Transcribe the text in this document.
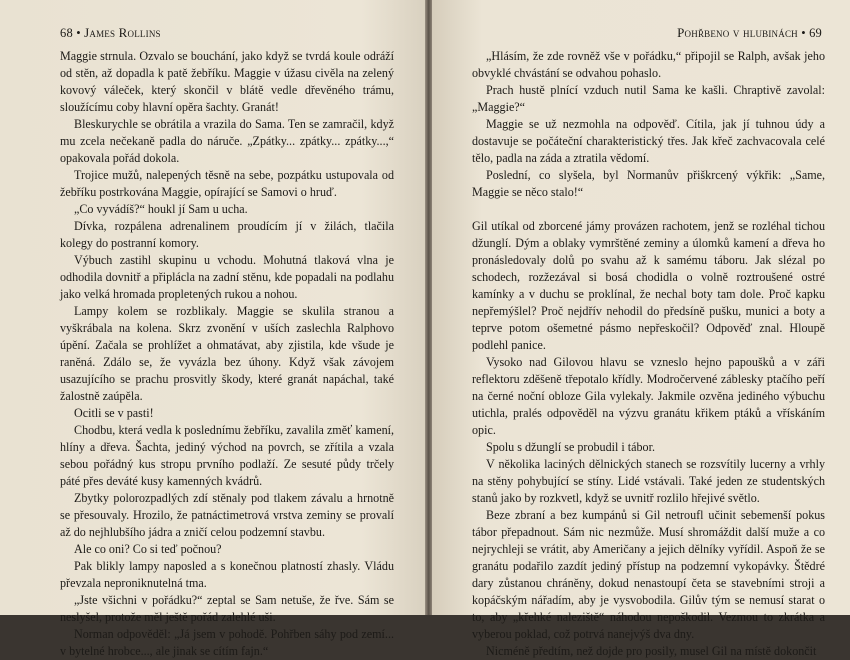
68 • James Rollins

Maggie strnula. Ozvalo se bouchání, jako když se tvrdá koule odráží od stěn, až dopadla k patě žebříku. Maggie v úžasu civěla na zelený kovový váleček, který skončil v blátě vedle dřevěného trámu, sloužícímu coby hlavní opěra šachty. Granát!

Bleskurychle se obrátila a vrazila do Sama. Ten se zamračil, když mu zcela nečekaně padla do náruče. „Zpátky... zpátky... zpátky...,“ opakovala pořád dokola.

Trojice mužů, nalepených těsně na sebe, pozpátku ustupovala od žebříku postrkována Maggie, opírající se Samovi o hruď.

„Co vyvádíš?“ houkl jí Sam u ucha.

Dívka, rozpálena adrenalinem proudícím jí v žilách, tlačila kolegy do postranní komory.

Výbuch zastihl skupinu u vchodu. Mohutná tlaková vlna je odhodila dovnitř a připlácla na zadní stěnu, kde popadali na podlahu jako velká hromada propletených rukou a nohou.

Lampy kolem se rozblikaly. Maggie se skulila stranou a vyškrábala na kolena. Skrz zvonění v uších zaslechla Ralphovo úpění. Začala se prohlížet a ohmatávat, aby zjistila, kde všude je raněná. Zdálo se, že vyvázla bez úhony. Když však závojem usazujícího se prachu prosvitly škody, které granát napáchal, také žalostně zaúpěla.

Ocitli se v pasti!

Chodbu, která vedla k poslednímu žebříku, zavalila změť kamení, hlíny a dřeva. Šachta, jediný východ na povrch, se zřítila a vzala sebou pořádný kus stropu prvního podlaží. Ze sesuté půdy trčely páté přes deváté kusy kamenných kvádrů.

Zbytky polorozpadlých zdí stěnaly pod tlakem závalu a hrnotně se přesouvaly. Hrozilo, že patnáctimetrová vrstva zeminy se provalí až do nejhlubšího jádra a zničí celou podzemní stavbu.

Ale co oni? Co si teď počnou?

Pak blikly lampy naposled a s konečnou platností zhasly. Vládu převzala neproniknutelná tma.

„Jste všichni v pořádku?“ zeptal se Sam netuše, že řve. Sám se neslyšel, protože měl ještě pořád zalehlé uši.

Norman odpověděl: „Já jsem v pohodě. Pohřben sáhy pod zemí... v bytelné hrobce..., ale jinak se cítím fajn.“

Pohřbeno v hlubinách • 69

„Hlásím, že zde rovněž vše v pořádku,“ připojil se Ralph, avšak jeho obvyklé chvástání se odvahou pohaslo.

Prach hustě plnící vzduch nutil Sama ke kašli. Chraptivě zavolal: „Maggie?“

Maggie se už nezmohla na odpověď. Cítila, jak jí tuhnou údy a dostavuje se počáteční charakteristický třes. Jak křeč zachvacovala celé tělo, padla na záda a ztratila vědomí.

Poslední, co slyšela, byl Normanův přiškrcený výkřik: „Same, Maggie se něco stalo!“

Gil utíkal od zborcené jámy provázen rachotem, jenž se rozléhal tichou džunglí. Dým a oblaky vymrštěné zeminy a úlomků kamení a dřeva ho pronásledovaly dolů po svahu až k samému táboru. Jak slézal po schodech, rozžezával si bosá chodidla o volně roztroušené ostré kamínky a v duchu se proklínal, že nechal boty tam dole. Proč kapku nepřemýšlel? Proč nejdřív nehodil do předsíně pušku, munici a boty a teprve potom ošemetné pásmo nepřeskočil? Odpověď znal. Hloupě podlehl panice.

Vysoko nad Gilovou hlavu se vzneslo hejno papoušků a v záři reflektoru zděšeně třepotalo křídly. Modročervené záblesky ptačího peří na černé noční obloze Gila vylekaly. Jakmile ozvěna jediného výbuchu utichla, pralés odpověděl na výzvu granátu křikem ptáků a vřískáním opic.

Spolu s džunglí se probudil i tábor.

V několika laciných dělnických stanech se rozsvítily lucerny a vrhly na stěny pohybující se stíny. Lidé vstávali. Také jeden ze studentských stanů jako by rozkvetl, když se uvnitř rozlilo hřejivé světlo.

Beze zbraní a bez kumpánů si Gil netroufl učinit sebemenší pokus tábor přepadnout. Sám nic nezmůže. Musí shromáždit další muže a co nejrychleji se vrátit, aby Američany a jejich dělníky vyřídil. Aspoň že se granátu podařilo zazdít jediný přístup na podzemní vykopávky. Štědré dary zůstanou chráněny, dokud nenastoupí četa se stavebními stroji a kopáčským nářadím, aby je vysvobodila. Gilův tým se nemusí starat o to, aby „křehké naleziště“ náhodou nepoškodil. Vezmou to zkrátka a vyberou poklad, což potrvá nanejvýš dva dny.

Nicméně předtím, než dojde pro posily, musel Gil na místě dokončit
